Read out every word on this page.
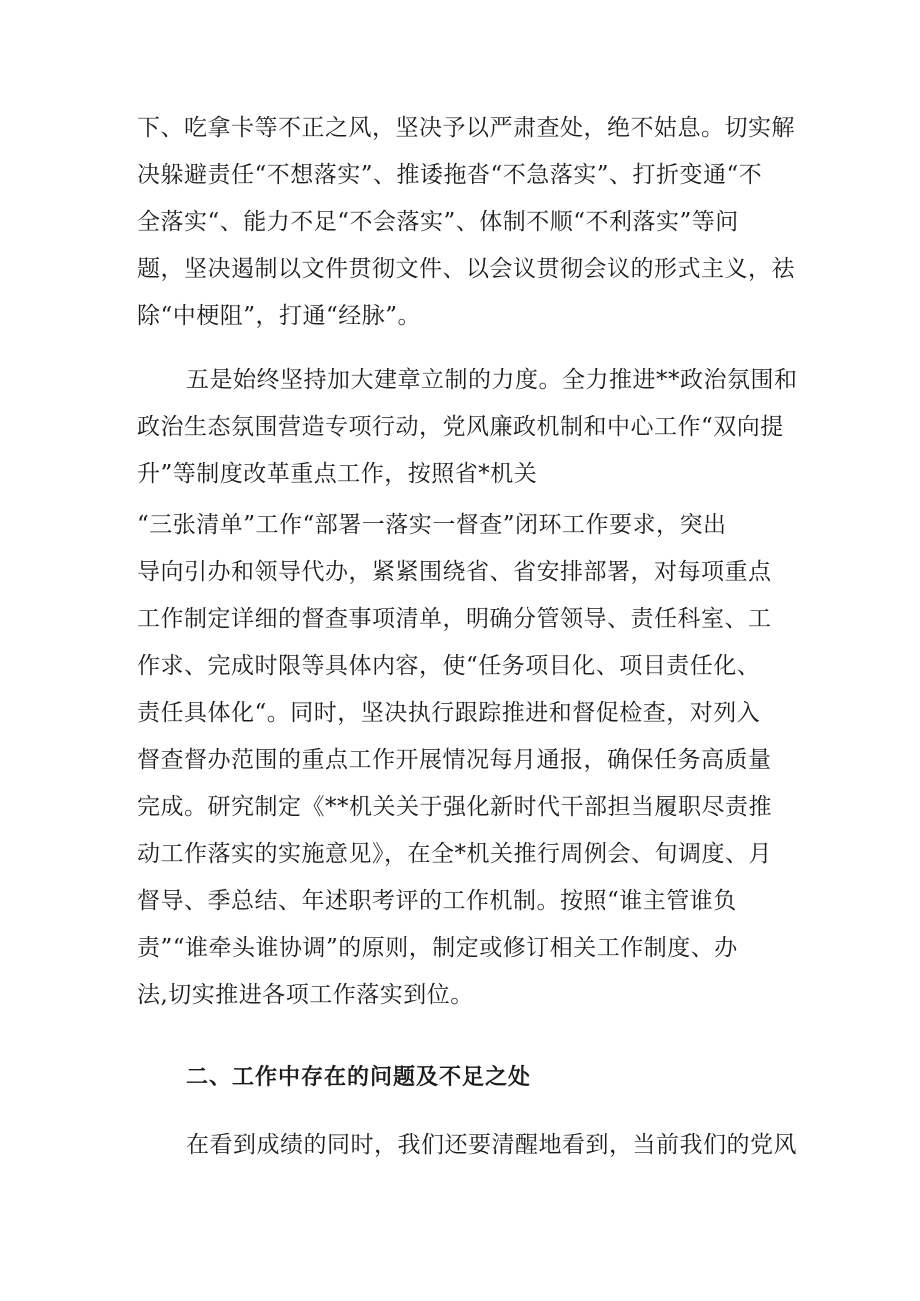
下、吃拿卡等不正之风，坚决予以严肃查处，绝不姑息。切实解

决躲避责任“不想落实”、推诿拖沓“不急落实”、打折变通“不

全落实“、能力不足“不会落实”、体制不顺“不利落实”等问

题，坚决遏制以文件贯彻文件、以会议贯彻会议的形式主义，祛

除“中梗阻”，打通“经脉”。

五是始终坚持加大建章立制的力度。全力推进**政治氛围和

政治生态氛围营造专项行动，党风廉政机制和中心工作“双向提

升”等制度改革重点工作，按照省*机关

“三张清单”工作“部署一落实一督查”闭环工作要求，突出

导向引办和领导代办，紧紧围绕省、省安排部署，对每项重点

工作制定详细的督查事项清单，明确分管领导、责任科室、工

作求、完成时限等具体内容，使“任务项目化、项目责任化、

责任具体化“。同时，坚决执行跟踪推进和督促检查，对列入

督查督办范围的重点工作开展情况每月通报，确保任务高质量

完成。研究制定《**机关关于强化新时代干部担当履职尽责推

动工作落实的实施意见》，在全*机关推行周例会、旬调度、月

督导、季总结、年述职考评的工作机制。按照“谁主管谁负

责”“谁牵头谁协调”的原则，制定或修订相关工作制度、办

法,切实推进各项工作落实到位。

二、工作中存在的问题及不足之处

在看到成绩的同时，我们还要清醒地看到，当前我们的党风
